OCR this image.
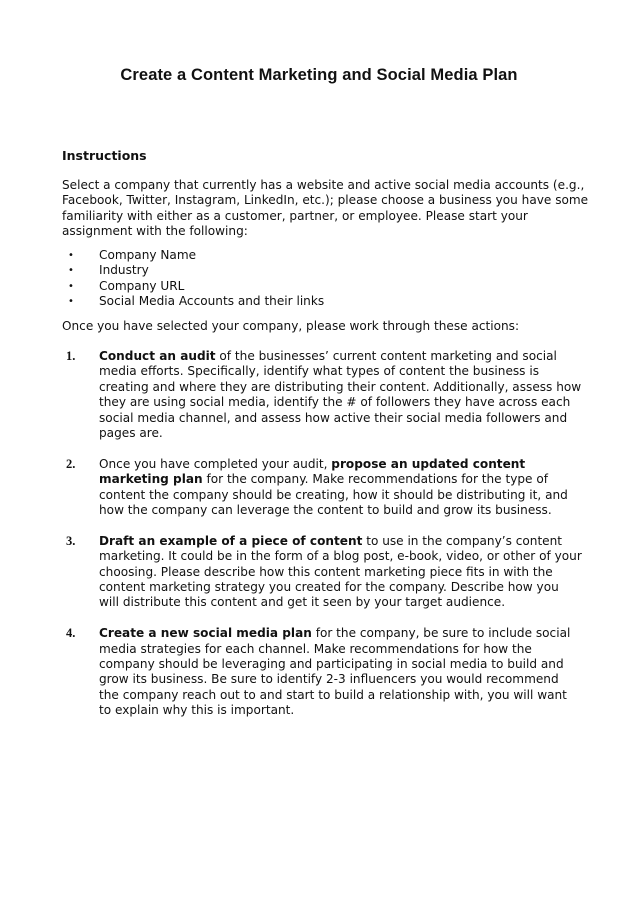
Create a Content Marketing and Social Media Plan

Instructions

Select a company that currently has a website and active social media accounts (e.g., Facebook, Twitter, Instagram, LinkedIn, etc.); please choose a business you have some familiarity with either as a customer, partner, or employee. Please start your assignment with the following:

• Company Name
• Industry
• Company URL
• Social Media Accounts and their links

Once you have selected your company, please work through these actions:

1. Conduct an audit of the businesses’ current content marketing and social media efforts. Specifically, identify what types of content the business is creating and where they are distributing their content. Additionally, assess how they are using social media, identify the # of followers they have across each social media channel, and assess how active their social media followers and pages are.
2. Once you have completed your audit, propose an updated content marketing plan for the company. Make recommendations for the type of content the company should be creating, how it should be distributing it, and how the company can leverage the content to build and grow its business.
3. Draft an example of a piece of content to use in the company’s content marketing. It could be in the form of a blog post, e-book, video, or other of your choosing. Please describe how this content marketing piece fits in with the content marketing strategy you created for the company. Describe how you will distribute this content and get it seen by your target audience.
4. Create a new social media plan for the company, be sure to include social media strategies for each channel. Make recommendations for how the company should be leveraging and participating in social media to build and grow its business. Be sure to identify 2-3 influencers you would recommend the company reach out to and start to build a relationship with, you will want to explain why this is important.
